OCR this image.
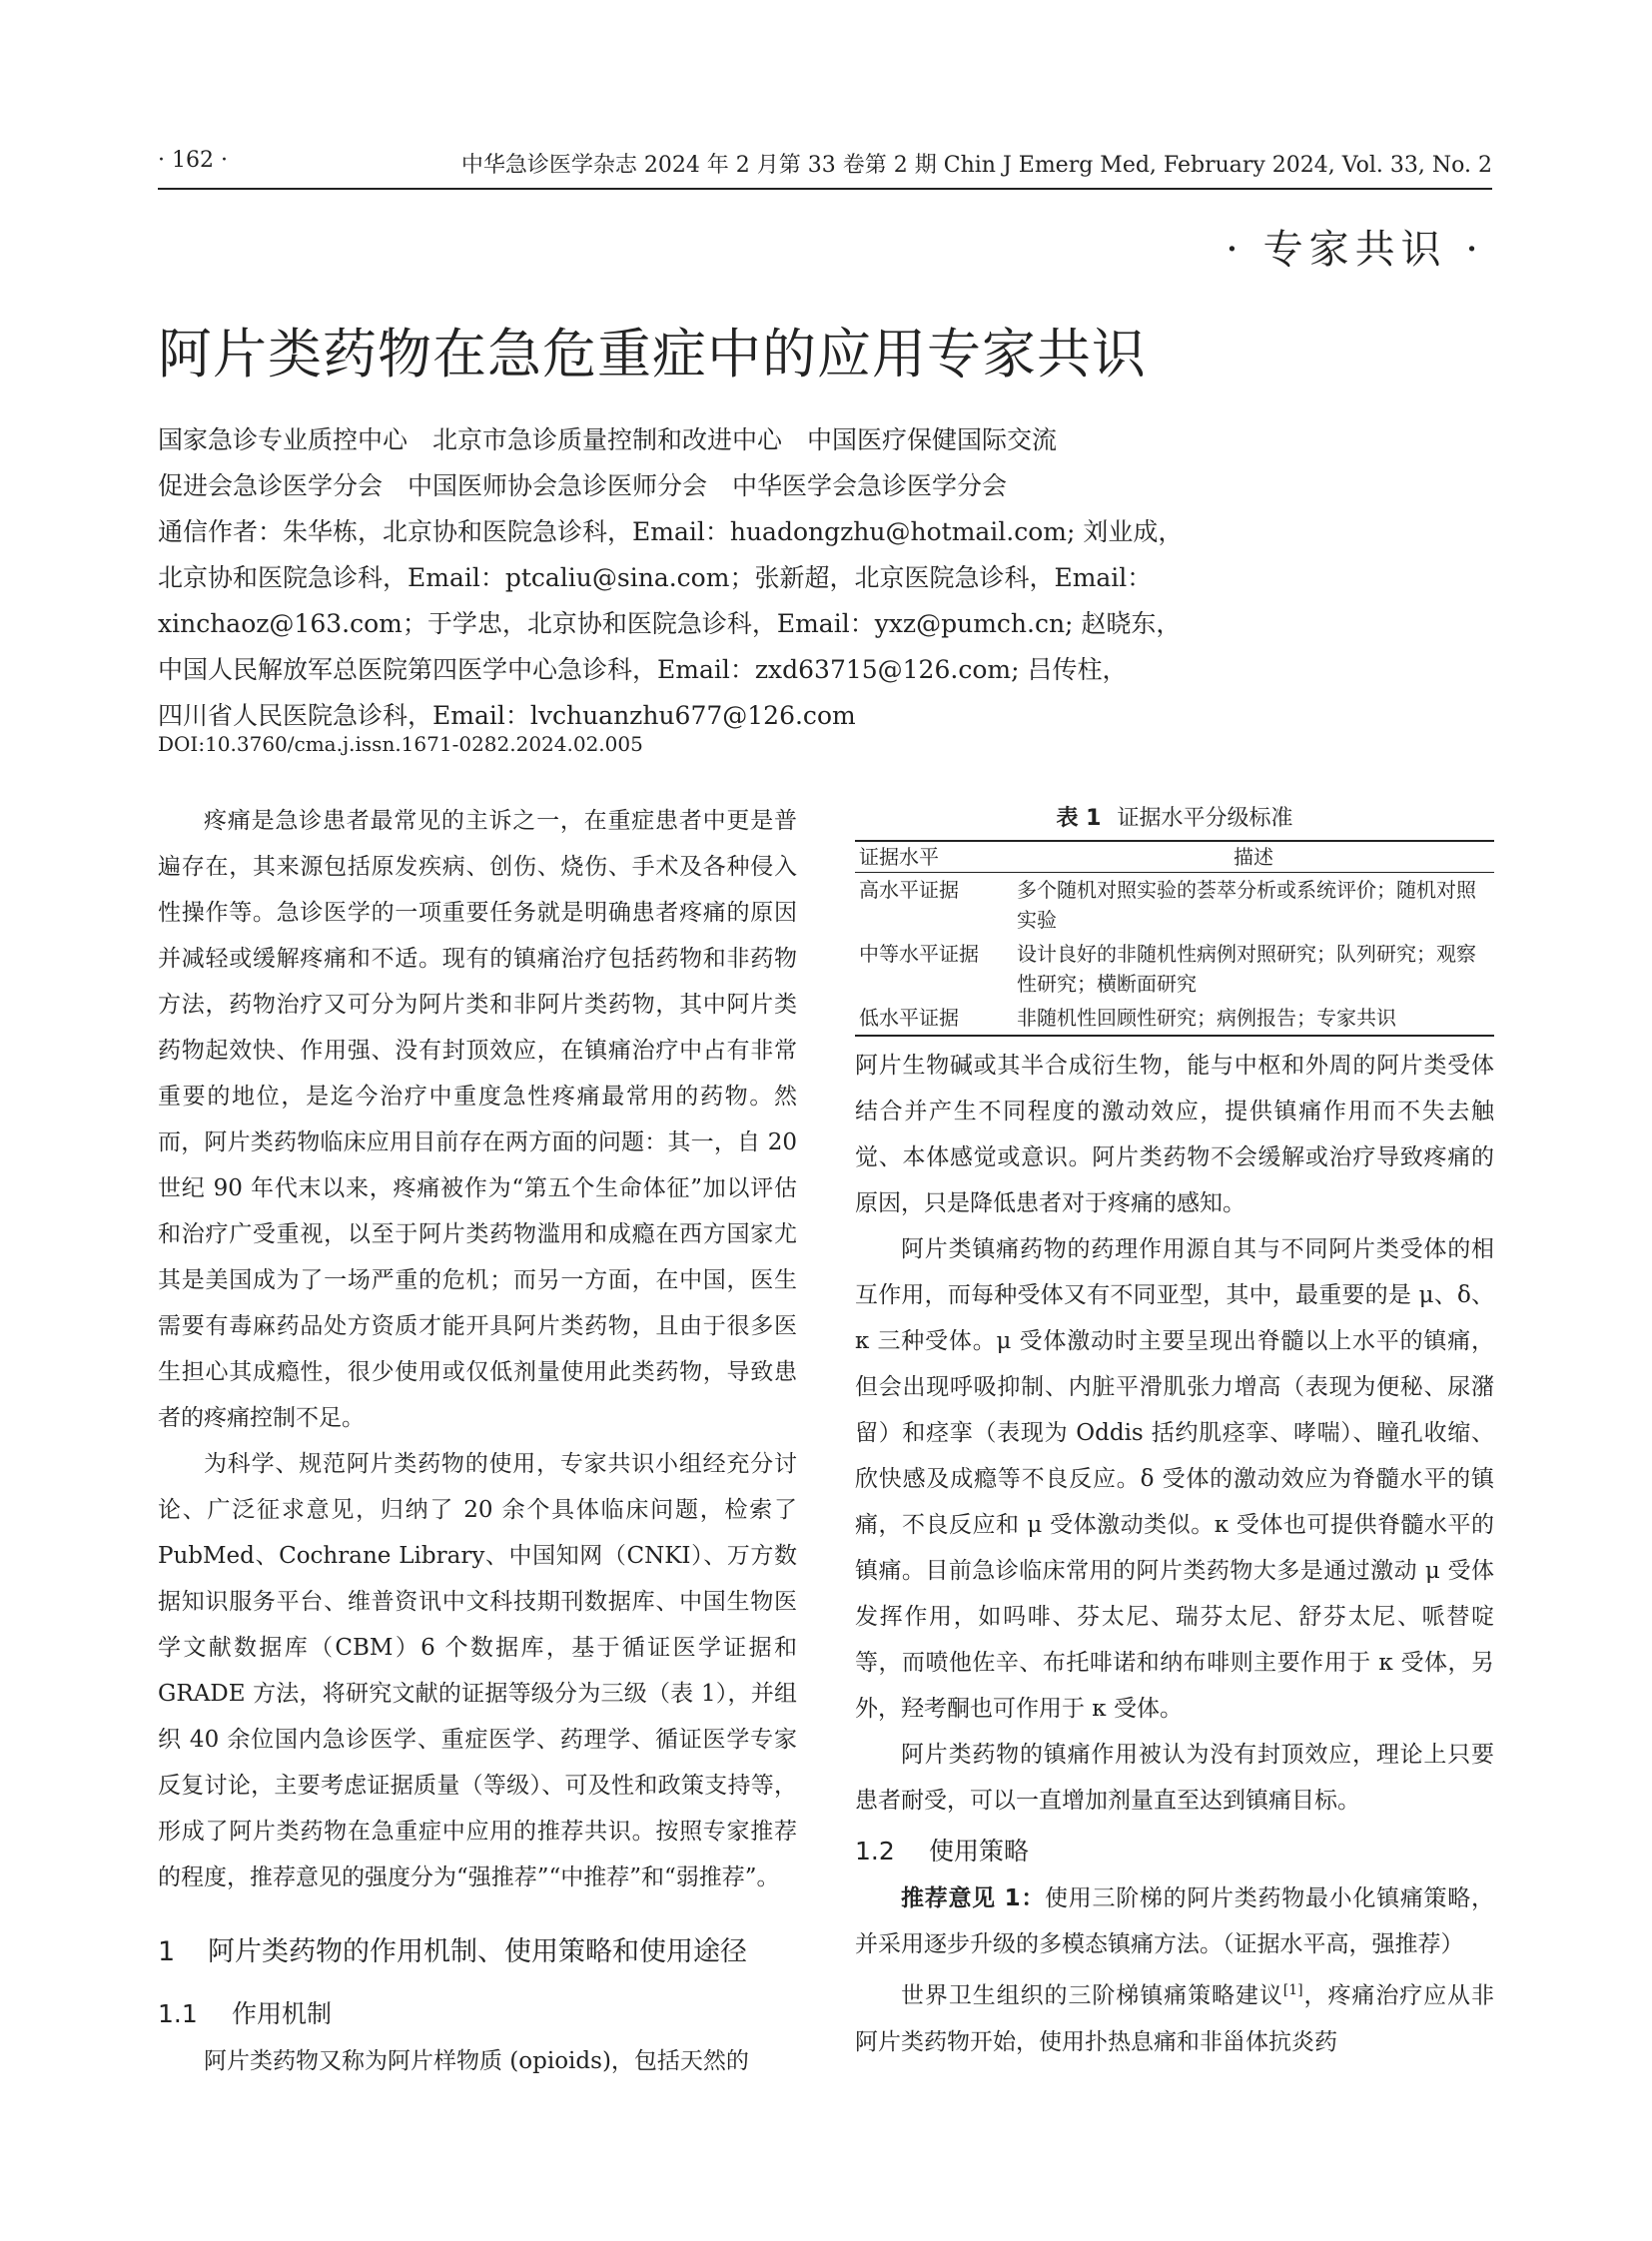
· 162 ·	中华急诊医学杂志 2024 年 2 月第 33 卷第 2 期 Chin J Emerg Med, February 2024, Vol. 33, No. 2
· 专家共识 ·
阿片类药物在急危重症中的应用专家共识
国家急诊专业质控中心　北京市急诊质量控制和改进中心　中国医疗保健国际交流
促进会急诊医学分会　中国医师协会急诊医师分会　中华医学会急诊医学分会
通信作者：朱华栋，北京协和医院急诊科，Email：huadongzhu@hotmail.com; 刘业成，
北京协和医院急诊科，Email：ptcaliu@sina.com；张新超，北京医院急诊科，Email：
xinchaoz@163.com；于学忠，北京协和医院急诊科，Email：yxz@pumch.cn; 赵晓东，
中国人民解放军总医院第四医学中心急诊科，Email：zxd63715@126.com; 吕传柱，
四川省人民医院急诊科，Email：lvchuanzhu677@126.com
DOI:10.3760/cma.j.issn.1671-0282.2024.02.005

疼痛是急诊患者最常见的主诉之一，在重症患者中更是普遍存在，其来源包括原发疾病、创伤、烧伤、手术及各种侵入性操作等。急诊医学的一项重要任务就是明确患者疼痛的原因并减轻或缓解疼痛和不适。现有的镇痛治疗包括药物和非药物方法，药物治疗又可分为阿片类和非阿片类药物，其中阿片类药物起效快、作用强、没有封顶效应，在镇痛治疗中占有非常重要的地位，是迄今治疗中重度急性疼痛最常用的药物。然而，阿片类药物临床应用目前存在两方面的问题：其一，自 20 世纪 90 年代末以来，疼痛被作为“第五个生命体征”加以评估和治疗广受重视，以至于阿片类药物滥用和成瘾在西方国家尤其是美国成为了一场严重的危机；而另一方面，在中国，医生需要有毒麻药品处方资质才能开具阿片类药物，且由于很多医生担心其成瘾性，很少使用或仅低剂量使用此类药物，导致患者的疼痛控制不足。

为科学、规范阿片类药物的使用，专家共识小组经充分讨论、广泛征求意见，归纳了 20 余个具体临床问题，检索了 PubMed、Cochrane Library、中国知网（CNKI）、万方数据知识服务平台、维普资讯中文科技期刊数据库、中国生物医学文献数据库（CBM）6 个数据库，基于循证医学证据和 GRADE 方法，将研究文献的证据等级分为三级（表 1），并组织 40 余位国内急诊医学、重症医学、药理学、循证医学专家反复讨论，主要考虑证据质量（等级）、可及性和政策支持等，形成了阿片类药物在急重症中应用的推荐共识。按照专家推荐的程度，推荐意见的强度分为“强推荐”“中推荐”和“弱推荐”。

1	阿片类药物的作用机制、使用策略和使用途径
1.1 作用机制

阿片类药物又称为阿片样物质 (opioids)，包括天然的

表 1 证据水平分级标准
证据水平	描述
高水平证据	多个随机对照实验的荟萃分析或系统评价；随机对照实验
中等水平证据	设计良好的非随机性病例对照研究；队列研究；观察性研究；横断面研究
低水平证据	非随机性回顾性研究；病例报告；专家共识

阿片生物碱或其半合成衍生物，能与中枢和外周的阿片类受体结合并产生不同程度的激动效应，提供镇痛作用而不失去触觉、本体感觉或意识。阿片类药物不会缓解或治疗导致疼痛的原因，只是降低患者对于疼痛的感知。

阿片类镇痛药物的药理作用源自其与不同阿片类受体的相互作用，而每种受体又有不同亚型，其中，最重要的是 μ、δ、κ 三种受体。μ 受体激动时主要呈现出脊髓以上水平的镇痛，但会出现呼吸抑制、内脏平滑肌张力增高（表现为便秘、尿潴留）和痉挛（表现为 Oddis 括约肌痉挛、哮喘）、瞳孔收缩、欣快感及成瘾等不良反应。δ 受体的激动效应为脊髓水平的镇痛，不良反应和 μ 受体激动类似。κ 受体也可提供脊髓水平的镇痛。目前急诊临床常用的阿片类药物大多是通过激动 μ 受体发挥作用，如吗啡、芬太尼、瑞芬太尼、舒芬太尼、哌替啶等，而喷他佐辛、布托啡诺和纳布啡则主要作用于 κ 受体，另外，羟考酮也可作用于 κ 受体。

阿片类药物的镇痛作用被认为没有封顶效应，理论上只要患者耐受，可以一直增加剂量直至达到镇痛目标。

1.2 使用策略

推荐意见 1：使用三阶梯的阿片类药物最小化镇痛策略，并采用逐步升级的多模态镇痛方法。（证据水平高，强推荐）

世界卫生组织的三阶梯镇痛策略建议[1]，疼痛治疗应从非阿片类药物开始，使用扑热息痛和非甾体抗炎药
